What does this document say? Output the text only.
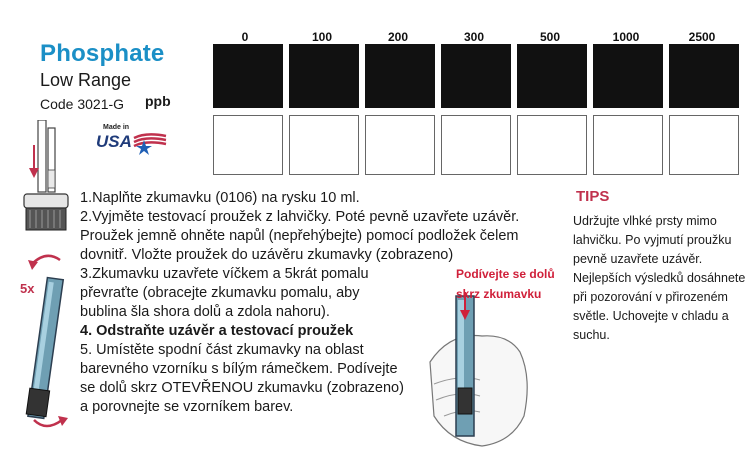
Phosphate
Low Range
Code 3021-G ppb
Made in
USA
0	100	200	300	500	1000	2500
5x
1.Naplňte zkumavku (0106) na rysku 10 ml.
2.Vyjměte testovací proužek z lahvičky. Poté pevně uzavřete uzávěr.
Proužek jemně ohněte napůl (nepřehýbejte) pomocí podložek čelem
dovnitř. Vložte proužek do uzávěru zkumavky (zobrazeno)
3.Zkumavku uzavřete víčkem a 5krát pomalu
převraťte (obracejte zkumavku pomalu, aby
bublina šla shora dolů a zdola nahoru).
4. Odstraňte uzávěr a testovací proužek
5. Umístěte spodní část zkumavky na oblast
barevného vzorníku s bílým rámečkem. Podívejte
se dolů skrz OTEVŘENOU zkumavku (zobrazeno)
a porovnejte se vzorníkem barev.
Podívejte se dolů
skrz zkumavku
TIPS
Udržujte vlhké prsty mimo lahvičku. Po vyjmutí proužku pevně uzavřete uzávěr. Nejlepších výsledků dosáhnete při pozorování v přirozeném světle. Uchovejte v chladu a suchu.
